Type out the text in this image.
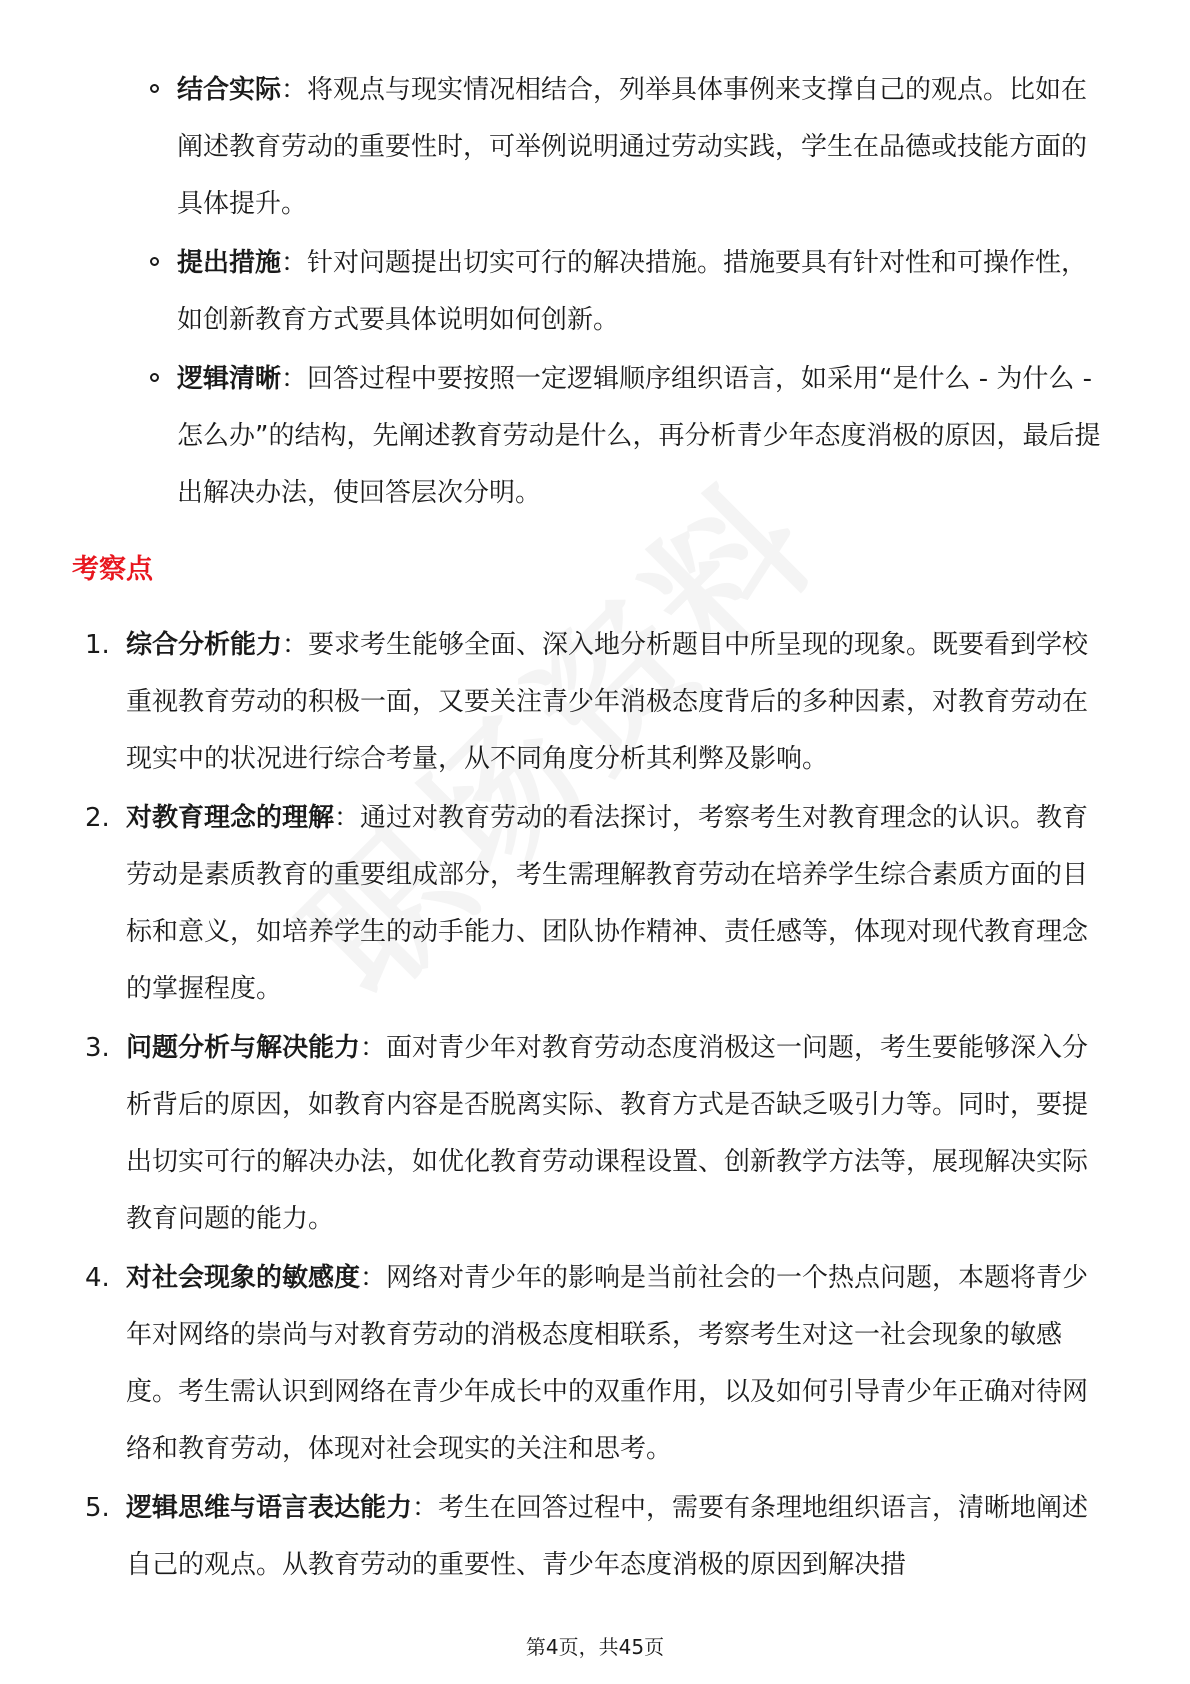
结合实际：将观点与现实情况相结合，列举具体事例来支撑自己的观点。比如在阐述教育劳动的重要性时，可举例说明通过劳动实践，学生在品德或技能方面的具体提升。
提出措施：针对问题提出切实可行的解决措施。措施要具有针对性和可操作性，如创新教育方式要具体说明如何创新。
逻辑清晰：回答过程中要按照一定逻辑顺序组织语言，如采用“是什么 - 为什么 - 怎么办”的结构，先阐述教育劳动是什么，再分析青少年态度消极的原因，最后提出解决办法，使回答层次分明。
考察点
1. 综合分析能力：要求考生能够全面、深入地分析题目中所呈现的现象。既要看到学校重视教育劳动的积极一面，又要关注青少年消极态度背后的多种因素，对教育劳动在现实中的状况进行综合考量，从不同角度分析其利弊及影响。
2. 对教育理念的理解：通过对教育劳动的看法探讨，考察考生对教育理念的认识。教育劳动是素质教育的重要组成部分，考生需理解教育劳动在培养学生综合素质方面的目标和意义，如培养学生的动手能力、团队协作精神、责任感等，体现对现代教育理念的掌握程度。
3. 问题分析与解决能力：面对青少年对教育劳动态度消极这一问题，考生要能够深入分析背后的原因，如教育内容是否脱离实际、教育方式是否缺乏吸引力等。同时，要提出切实可行的解决办法，如优化教育劳动课程设置、创新教学方法等，展现解决实际教育问题的能力。
4. 对社会现象的敏感度：网络对青少年的影响是当前社会的一个热点问题，本题将青少年对网络的崇尚与对教育劳动的消极态度相联系，考察考生对这一社会现象的敏感度。考生需认识到网络在青少年成长中的双重作用，以及如何引导青少年正确对待网络和教育劳动，体现对社会现实的关注和思考。
5. 逻辑思维与语言表达能力：考生在回答过程中，需要有条理地组织语言，清晰地阐述自己的观点。从教育劳动的重要性、青少年态度消极的原因到解决措
第4页，共45页
